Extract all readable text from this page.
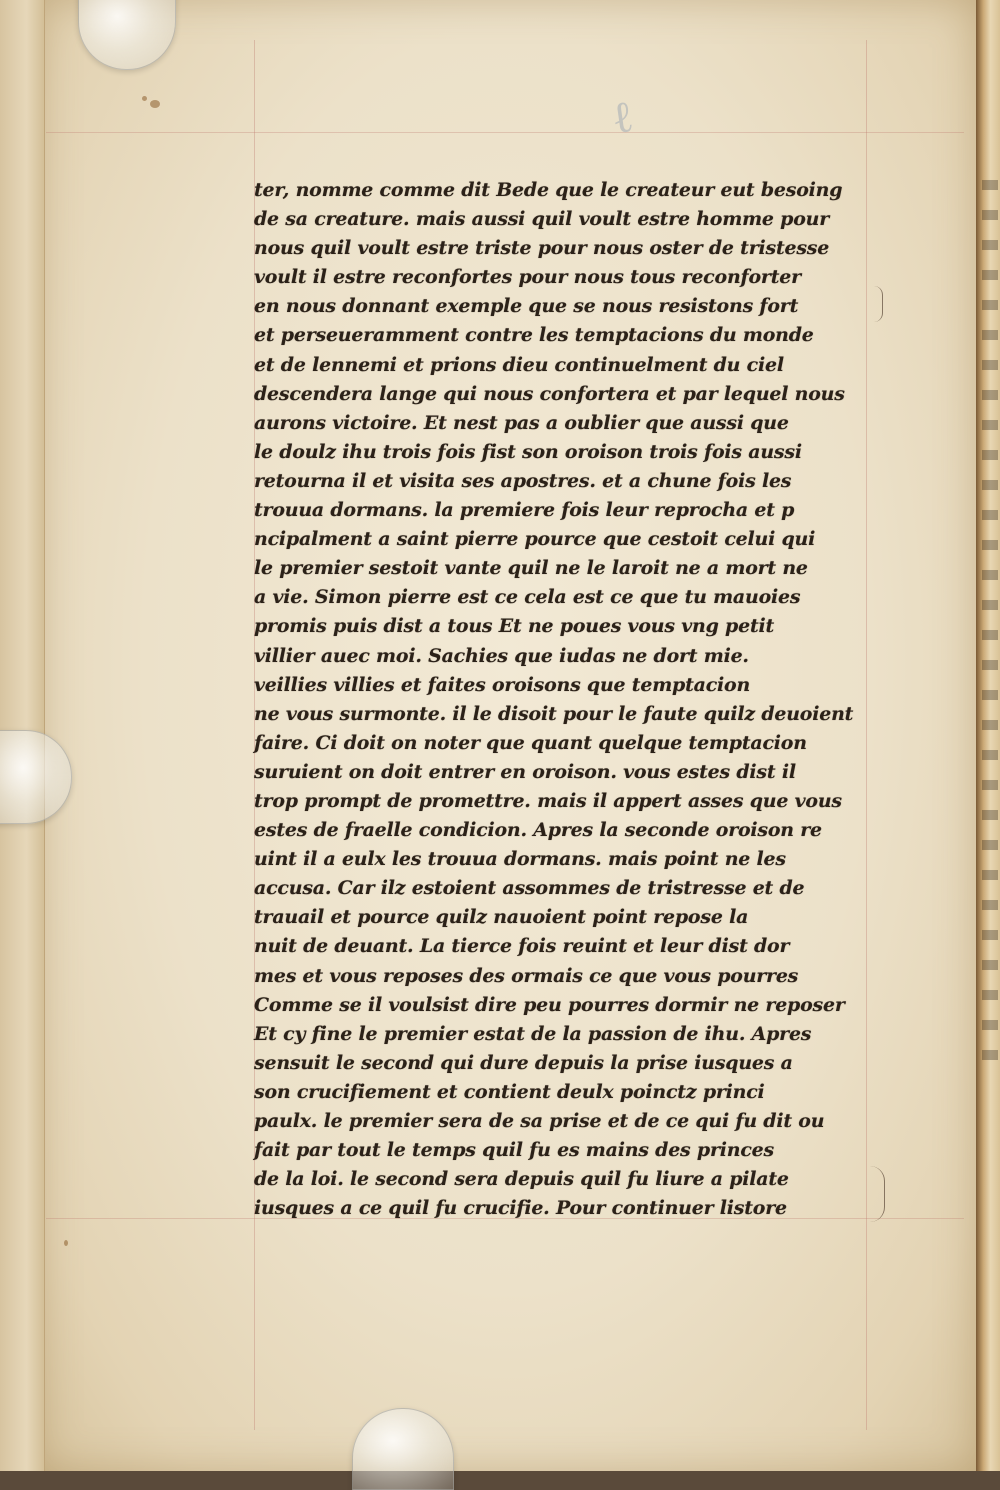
ℓ
ter, nomme comme dit Bede que le createur eut besoing
de sa creature. mais aussi quil voult estre homme pour
nous quil voult estre triste pour nous oster de tristesse
voult il estre reconfortes pour nous tous reconforter
en nous donnant exemple que se nous resistons fort
et perseueramment contre les temptacions du monde
et de lennemi et prions dieu continuelment du ciel
descendera lange qui nous confortera et par lequel nous
aurons victoire. Et nest pas a oublier que aussi que
le doulz ihu trois fois fist son oroison trois fois aussi
retourna il et visita ses apostres. et a chune fois les
trouua dormans. la premiere fois leur reprocha et p
ncipalment a saint pierre pource que cestoit celui qui
le premier sestoit vante quil ne le laroit ne a mort ne
a vie. Simon pierre est ce cela est ce que tu mauoies
promis puis dist a tous Et ne poues vous vng petit
villier auec moi. Sachies que iudas ne dort mie.
veillies villies et faites oroisons que temptacion
ne vous surmonte. il le disoit pour le faute quilz deuoient
faire. Ci doit on noter que quant quelque temptacion
suruient on doit entrer en oroison. vous estes dist il
trop prompt de promettre. mais il appert asses que vous
estes de fraelle condicion. Apres la seconde oroison re
uint il a eulx les trouua dormans. mais point ne les
accusa. Car ilz estoient assommes de tristresse et de
trauail et pource quilz nauoient point repose la
nuit de deuant. La tierce fois reuint et leur dist dor
mes et vous reposes des ormais ce que vous pourres
Comme se il voulsist dire peu pourres dormir ne reposer
Et cy fine le premier estat de la passion de ihu. Apres
sensuit le second qui dure depuis la prise iusques a
son crucifiement et contient deulx poinctz princi
paulx. le premier sera de sa prise et de ce qui fu dit ou
fait par tout le temps quil fu es mains des princes
de la loi. le second sera depuis quil fu liure a pilate
iusques a ce quil fu crucifie. Pour continuer listore
